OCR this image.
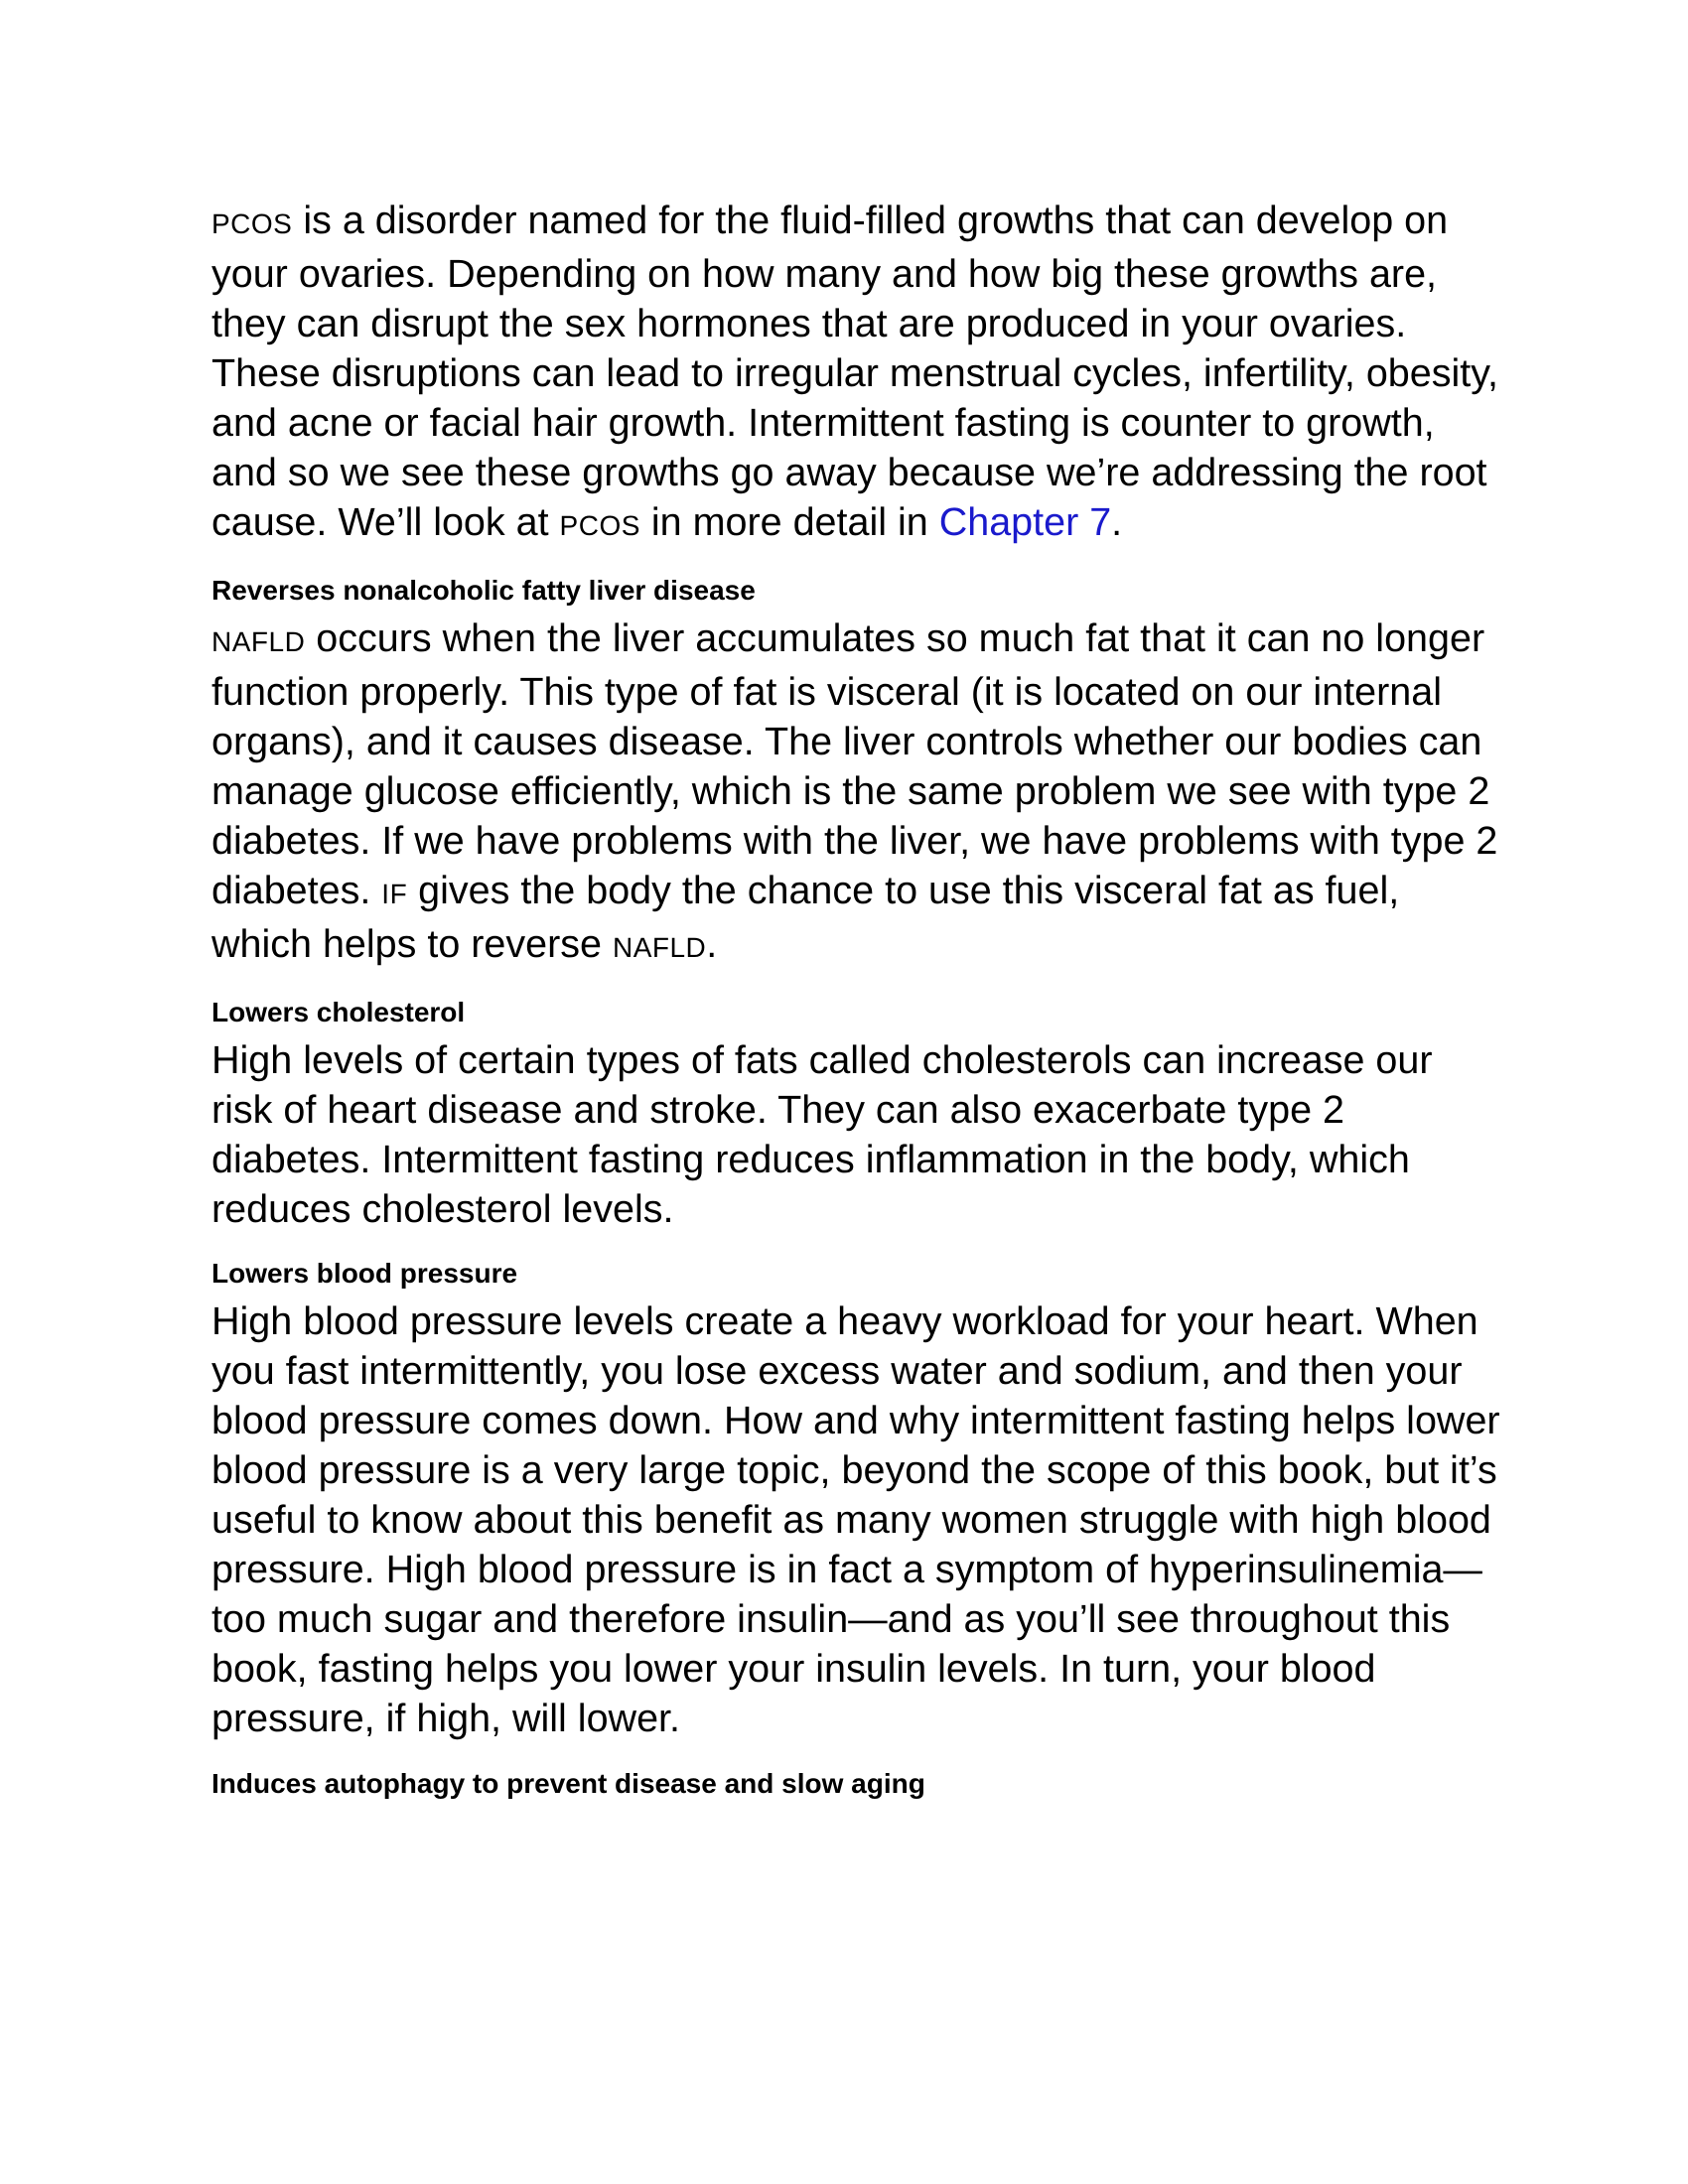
PCOS is a disorder named for the fluid-filled growths that can develop on your ovaries. Depending on how many and how big these growths are, they can disrupt the sex hormones that are produced in your ovaries. These disruptions can lead to irregular menstrual cycles, infertility, obesity, and acne or facial hair growth. Intermittent fasting is counter to growth, and so we see these growths go away because we’re addressing the root cause. We’ll look at PCOS in more detail in Chapter 7.

Reverses nonalcoholic fatty liver disease

NAFLD occurs when the liver accumulates so much fat that it can no longer function properly. This type of fat is visceral (it is located on our internal organs), and it causes disease. The liver controls whether our bodies can manage glucose efficiently, which is the same problem we see with type 2 diabetes. If we have problems with the liver, we have problems with type 2 diabetes. IF gives the body the chance to use this visceral fat as fuel, which helps to reverse NAFLD.

Lowers cholesterol

High levels of certain types of fats called cholesterols can increase our risk of heart disease and stroke. They can also exacerbate type 2 diabetes. Intermittent fasting reduces inflammation in the body, which reduces cholesterol levels.

Lowers blood pressure

High blood pressure levels create a heavy workload for your heart. When you fast intermittently, you lose excess water and sodium, and then your blood pressure comes down. How and why intermittent fasting helps lower blood pressure is a very large topic, beyond the scope of this book, but it’s useful to know about this benefit as many women struggle with high blood pressure. High blood pressure is in fact a symptom of hyperinsulinemia—too much sugar and therefore insulin—and as you’ll see throughout this book, fasting helps you lower your insulin levels. In turn, your blood pressure, if high, will lower.

Induces autophagy to prevent disease and slow aging
